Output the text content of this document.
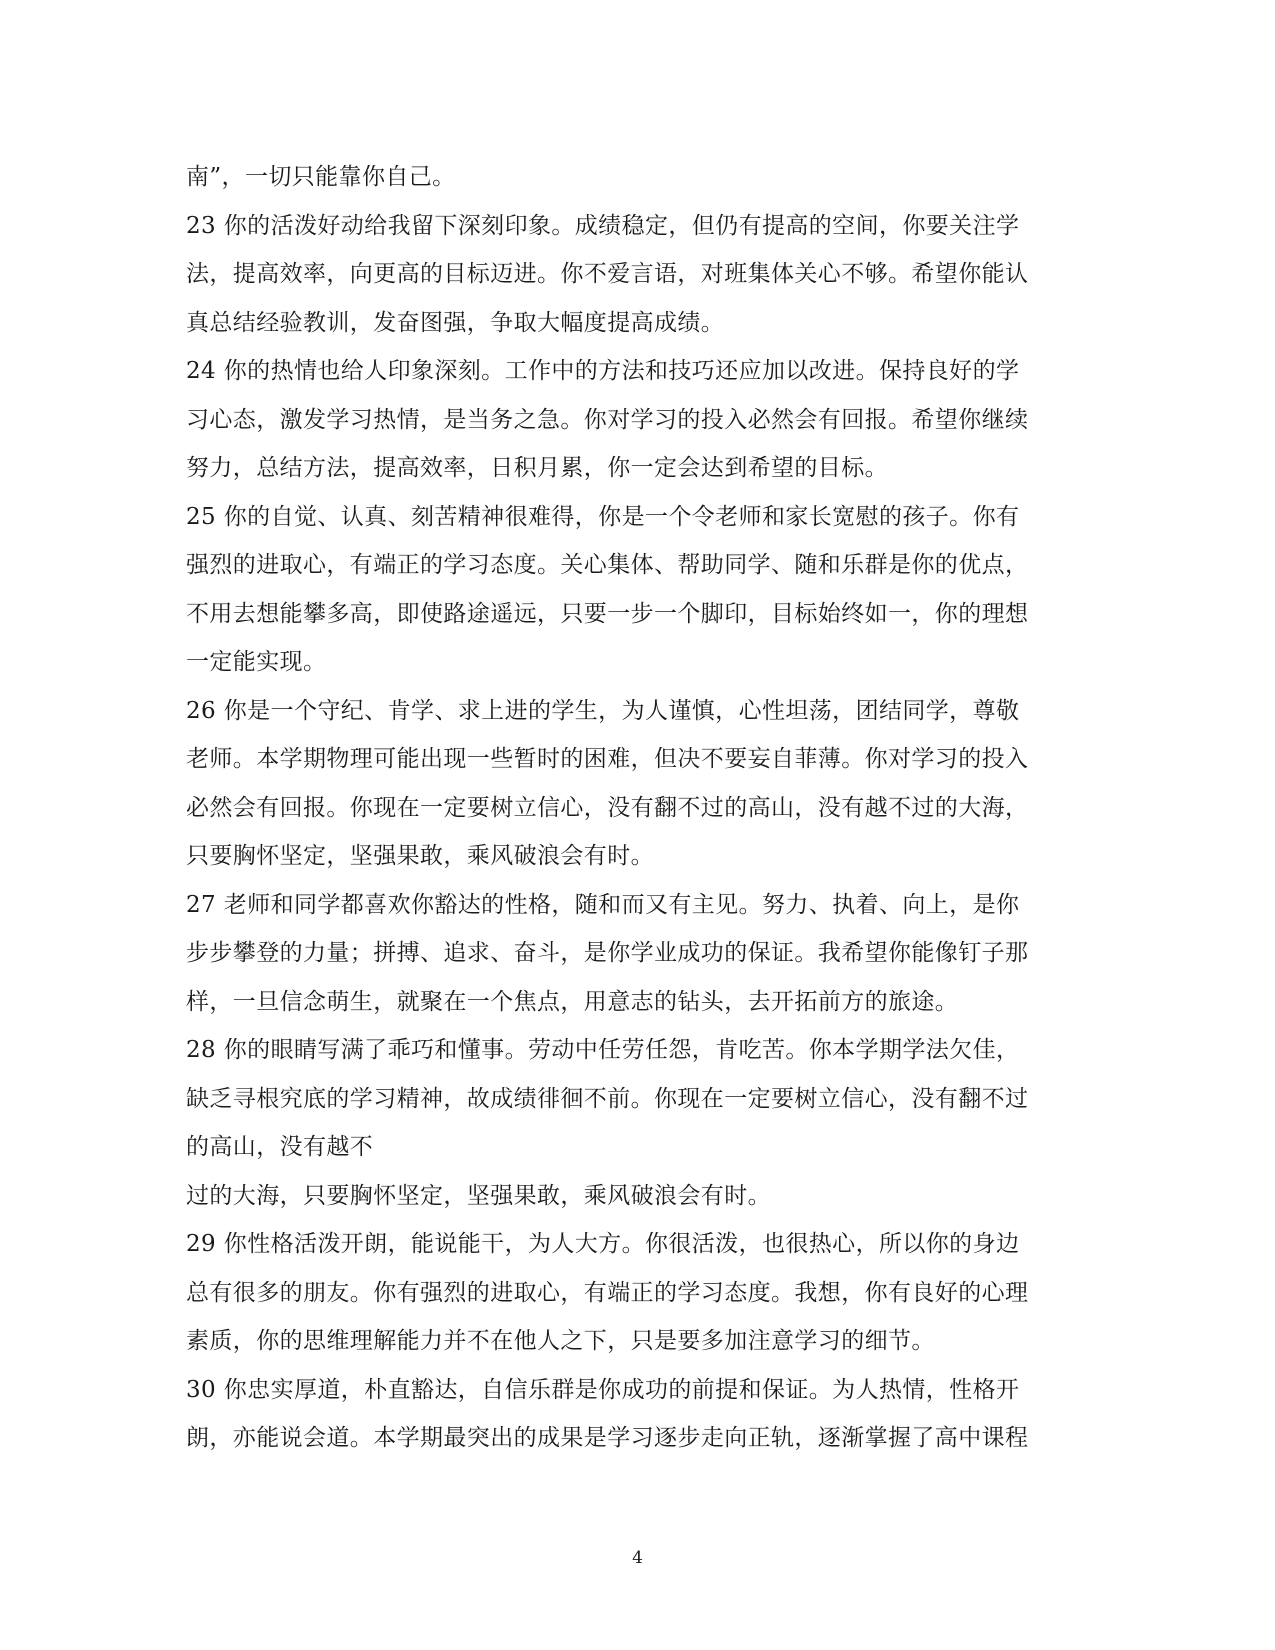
南”，一切只能靠你自己。
23 你的活泼好动给我留下深刻印象。成绩稳定，但仍有提高的空间，你要关注学
法，提高效率，向更高的目标迈进。你不爱言语，对班集体关心不够。希望你能认
真总结经验教训，发奋图强，争取大幅度提高成绩。
24 你的热情也给人印象深刻。工作中的方法和技巧还应加以改进。保持良好的学
习心态，激发学习热情，是当务之急。你对学习的投入必然会有回报。希望你继续
努力，总结方法，提高效率，日积月累，你一定会达到希望的目标。
25 你的自觉、认真、刻苦精神很难得，你是一个令老师和家长宽慰的孩子。你有
强烈的进取心，有端正的学习态度。关心集体、帮助同学、随和乐群是你的优点，
不用去想能攀多高，即使路途遥远，只要一步一个脚印，目标始终如一，你的理想
一定能实现。
26 你是一个守纪、肯学、求上进的学生，为人谨慎，心性坦荡，团结同学，尊敬
老师。本学期物理可能出现一些暂时的困难，但决不要妄自菲薄。你对学习的投入
必然会有回报。你现在一定要树立信心，没有翻不过的高山，没有越不过的大海，
只要胸怀坚定，坚强果敢，乘风破浪会有时。
27 老师和同学都喜欢你豁达的性格，随和而又有主见。努力、执着、向上，是你
步步攀登的力量；拼搏、追求、奋斗，是你学业成功的保证。我希望你能像钉子那
样，一旦信念萌生，就聚在一个焦点，用意志的钻头，去开拓前方的旅途。
28 你的眼睛写满了乖巧和懂事。劳动中任劳任怨，肯吃苦。你本学期学法欠佳，
缺乏寻根究底的学习精神，故成绩徘徊不前。你现在一定要树立信心，没有翻不过
的高山，没有越不
过的大海，只要胸怀坚定，坚强果敢，乘风破浪会有时。
29 你性格活泼开朗，能说能干，为人大方。你很活泼，也很热心，所以你的身边
总有很多的朋友。你有强烈的进取心，有端正的学习态度。我想，你有良好的心理
素质，你的思维理解能力并不在他人之下，只是要多加注意学习的细节。
30 你忠实厚道，朴直豁达，自信乐群是你成功的前提和保证。为人热情，性格开
朗，亦能说会道。本学期最突出的成果是学习逐步走向正轨，逐渐掌握了高中课程
4
